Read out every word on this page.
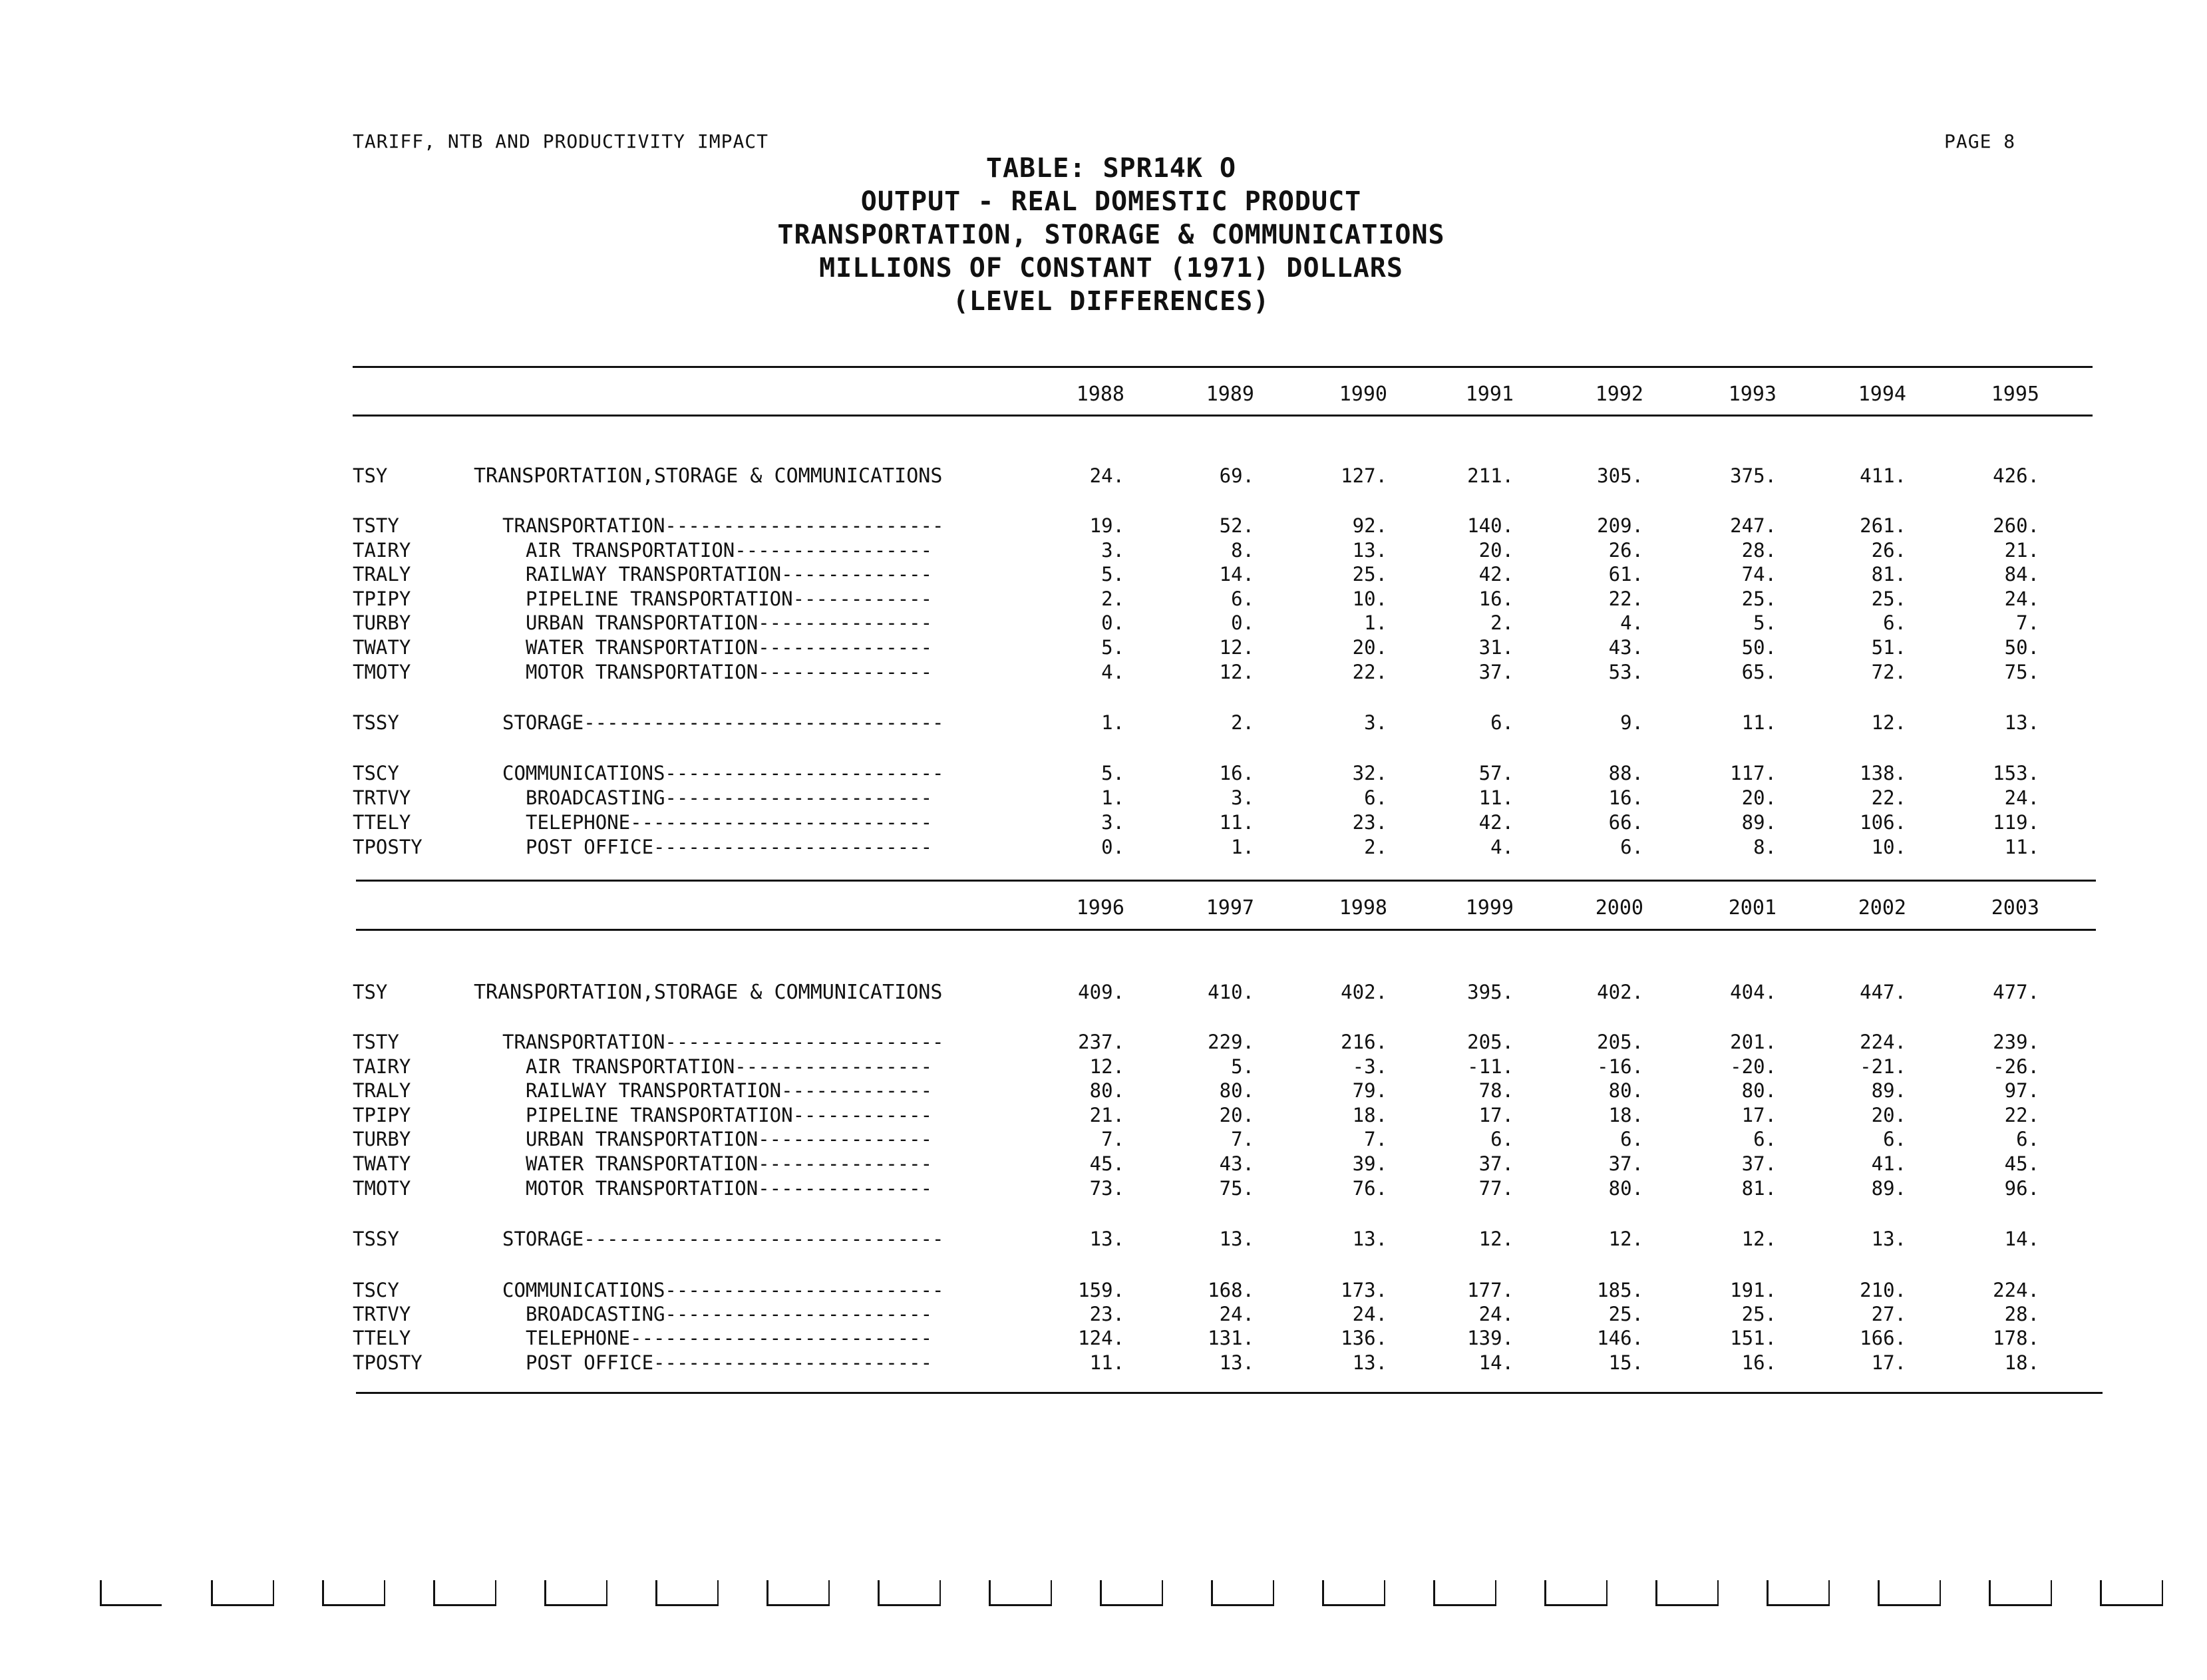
TARIFF, NTB AND PRODUCTIVITY IMPACT	PAGE 8
TABLE: SPR14K O
OUTPUT - REAL DOMESTIC PRODUCT
TRANSPORTATION, STORAGE & COMMUNICATIONS
MILLIONS OF CONSTANT (1971) DOLLARS
(LEVEL DIFFERENCES)
1988	1989	1990	1991	1992	1993	1994	1995
TSY	TRANSPORTATION,STORAGE & COMMUNICATIONS	24.	69.	127.	211.	305.	375.	411.	426.
TSTY	TRANSPORTATION------------------------	19.	52.	92.	140.	209.	247.	261.	260.
TAIRY	AIR TRANSPORTATION-----------------	3.	8.	13.	20.	26.	28.	26.	21.
TRALY	RAILWAY TRANSPORTATION-------------	5.	14.	25.	42.	61.	74.	81.	84.
TPIPY	PIPELINE TRANSPORTATION------------	2.	6.	10.	16.	22.	25.	25.	24.
TURBY	URBAN TRANSPORTATION---------------	0.	0.	1.	2.	4.	5.	6.	7.
TWATY	WATER TRANSPORTATION---------------	5.	12.	20.	31.	43.	50.	51.	50.
TMOTY	MOTOR TRANSPORTATION---------------	4.	12.	22.	37.	53.	65.	72.	75.
TSSY	STORAGE-------------------------------	1.	2.	3.	6.	9.	11.	12.	13.
TSCY	COMMUNICATIONS------------------------	5.	16.	32.	57.	88.	117.	138.	153.
TRTVY	BROADCASTING-----------------------	1.	3.	6.	11.	16.	20.	22.	24.
TTELY	TELEPHONE--------------------------	3.	11.	23.	42.	66.	89.	106.	119.
TPOSTY	POST OFFICE------------------------	0.	1.	2.	4.	6.	8.	10.	11.
1996	1997	1998	1999	2000	2001	2002	2003
TSY	TRANSPORTATION,STORAGE & COMMUNICATIONS	409.	410.	402.	395.	402.	404.	447.	477.
TSTY	TRANSPORTATION------------------------	237.	229.	216.	205.	205.	201.	224.	239.
TAIRY	AIR TRANSPORTATION-----------------	12.	5.	-3.	-11.	-16.	-20.	-21.	-26.
TRALY	RAILWAY TRANSPORTATION-------------	80.	80.	79.	78.	80.	80.	89.	97.
TPIPY	PIPELINE TRANSPORTATION------------	21.	20.	18.	17.	18.	17.	20.	22.
TURBY	URBAN TRANSPORTATION---------------	7.	7.	7.	6.	6.	6.	6.	6.
TWATY	WATER TRANSPORTATION---------------	45.	43.	39.	37.	37.	37.	41.	45.
TMOTY	MOTOR TRANSPORTATION---------------	73.	75.	76.	77.	80.	81.	89.	96.
TSSY	STORAGE-------------------------------	13.	13.	13.	12.	12.	12.	13.	14.
TSCY	COMMUNICATIONS------------------------	159.	168.	173.	177.	185.	191.	210.	224.
TRTVY	BROADCASTING-----------------------	23.	24.	24.	24.	25.	25.	27.	28.
TTELY	TELEPHONE--------------------------	124.	131.	136.	139.	146.	151.	166.	178.
TPOSTY	POST OFFICE------------------------	11.	13.	13.	14.	15.	16.	17.	18.
